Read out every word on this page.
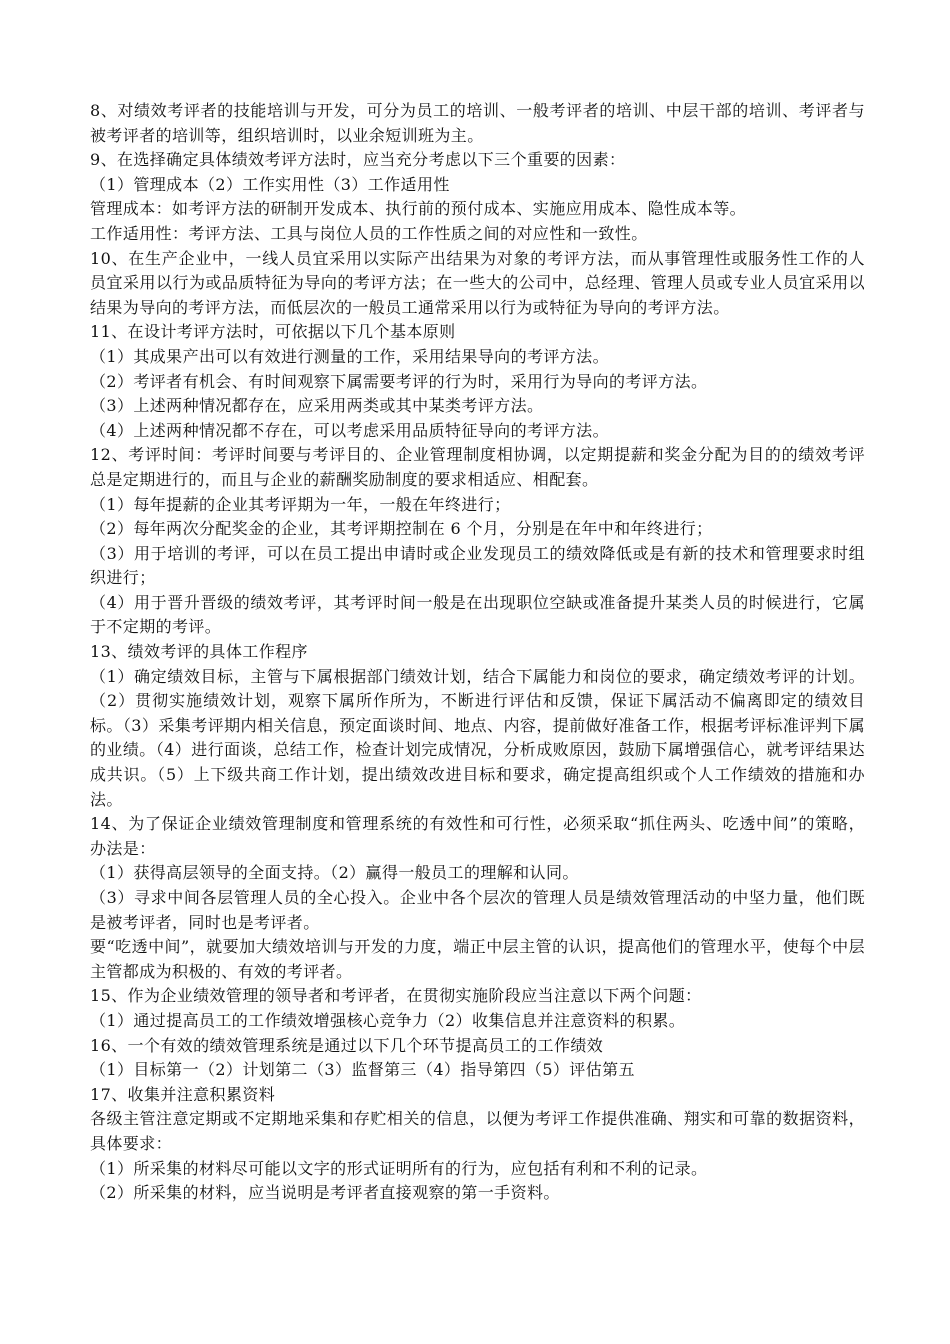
8、对绩效考评者的技能培训与开发，可分为员工的培训、一般考评者的培训、中层干部的培训、考评者与被考评者的培训等，组织培训时，以业余短训班为主。

9、在选择确定具体绩效考评方法时，应当充分考虑以下三个重要的因素：

（1）管理成本（2）工作实用性（3）工作适用性

管理成本：如考评方法的研制开发成本、执行前的预付成本、实施应用成本、隐性成本等。

工作适用性：考评方法、工具与岗位人员的工作性质之间的对应性和一致性。

10、在生产企业中，一线人员宜采用以实际产出结果为对象的考评方法，而从事管理性或服务性工作的人员宜采用以行为或品质特征为导向的考评方法；在一些大的公司中，总经理、管理人员或专业人员宜采用以结果为导向的考评方法，而低层次的一般员工通常采用以行为或特征为导向的考评方法。

11、在设计考评方法时，可依据以下几个基本原则

（1）其成果产出可以有效进行测量的工作，采用结果导向的考评方法。

（2）考评者有机会、有时间观察下属需要考评的行为时，采用行为导向的考评方法。

（3）上述两种情况都存在，应采用两类或其中某类考评方法。

（4）上述两种情况都不存在，可以考虑采用品质特征导向的考评方法。

12、考评时间：考评时间要与考评目的、企业管理制度相协调，以定期提薪和奖金分配为目的的绩效考评总是定期进行的，而且与企业的薪酬奖励制度的要求相适应、相配套。

（1）每年提薪的企业其考评期为一年，一般在年终进行；

（2）每年两次分配奖金的企业，其考评期控制在 6 个月，分别是在年中和年终进行；

（3）用于培训的考评，可以在员工提出申请时或企业发现员工的绩效降低或是有新的技术和管理要求时组织进行；

（4）用于晋升晋级的绩效考评，其考评时间一般是在出现职位空缺或准备提升某类人员的时候进行，它属于不定期的考评。

13、绩效考评的具体工作程序

（1）确定绩效目标，主管与下属根据部门绩效计划，结合下属能力和岗位的要求，确定绩效考评的计划。（2）贯彻实施绩效计划，观察下属所作所为，不断进行评估和反馈，保证下属活动不偏离即定的绩效目标。（3）采集考评期内相关信息，预定面谈时间、地点、内容，提前做好准备工作，根据考评标准评判下属的业绩。（4）进行面谈，总结工作，检查计划完成情况，分析成败原因，鼓励下属增强信心，就考评结果达成共识。（5）上下级共商工作计划，提出绩效改进目标和要求，确定提高组织或个人工作绩效的措施和办法。

14、为了保证企业绩效管理制度和管理系统的有效性和可行性，必须采取“抓住两头、吃透中间”的策略，办法是：

（1）获得高层领导的全面支持。（2）赢得一般员工的理解和认同。

（3）寻求中间各层管理人员的全心投入。企业中各个层次的管理人员是绩效管理活动的中坚力量，他们既是被考评者，同时也是考评者。

要“吃透中间”，就要加大绩效培训与开发的力度，端正中层主管的认识，提高他们的管理水平，使每个中层主管都成为积极的、有效的考评者。

15、作为企业绩效管理的领导者和考评者，在贯彻实施阶段应当注意以下两个问题：

（1）通过提高员工的工作绩效增强核心竞争力（2）收集信息并注意资料的积累。

16、一个有效的绩效管理系统是通过以下几个环节提高员工的工作绩效

（1）目标第一（2）计划第二（3）监督第三（4）指导第四（5）评估第五

17、收集并注意积累资料

各级主管注意定期或不定期地采集和存贮相关的信息，以便为考评工作提供准确、翔实和可靠的数据资料，具体要求：

（1）所采集的材料尽可能以文字的形式证明所有的行为，应包括有利和不利的记录。

（2）所采集的材料，应当说明是考评者直接观察的第一手资料。
